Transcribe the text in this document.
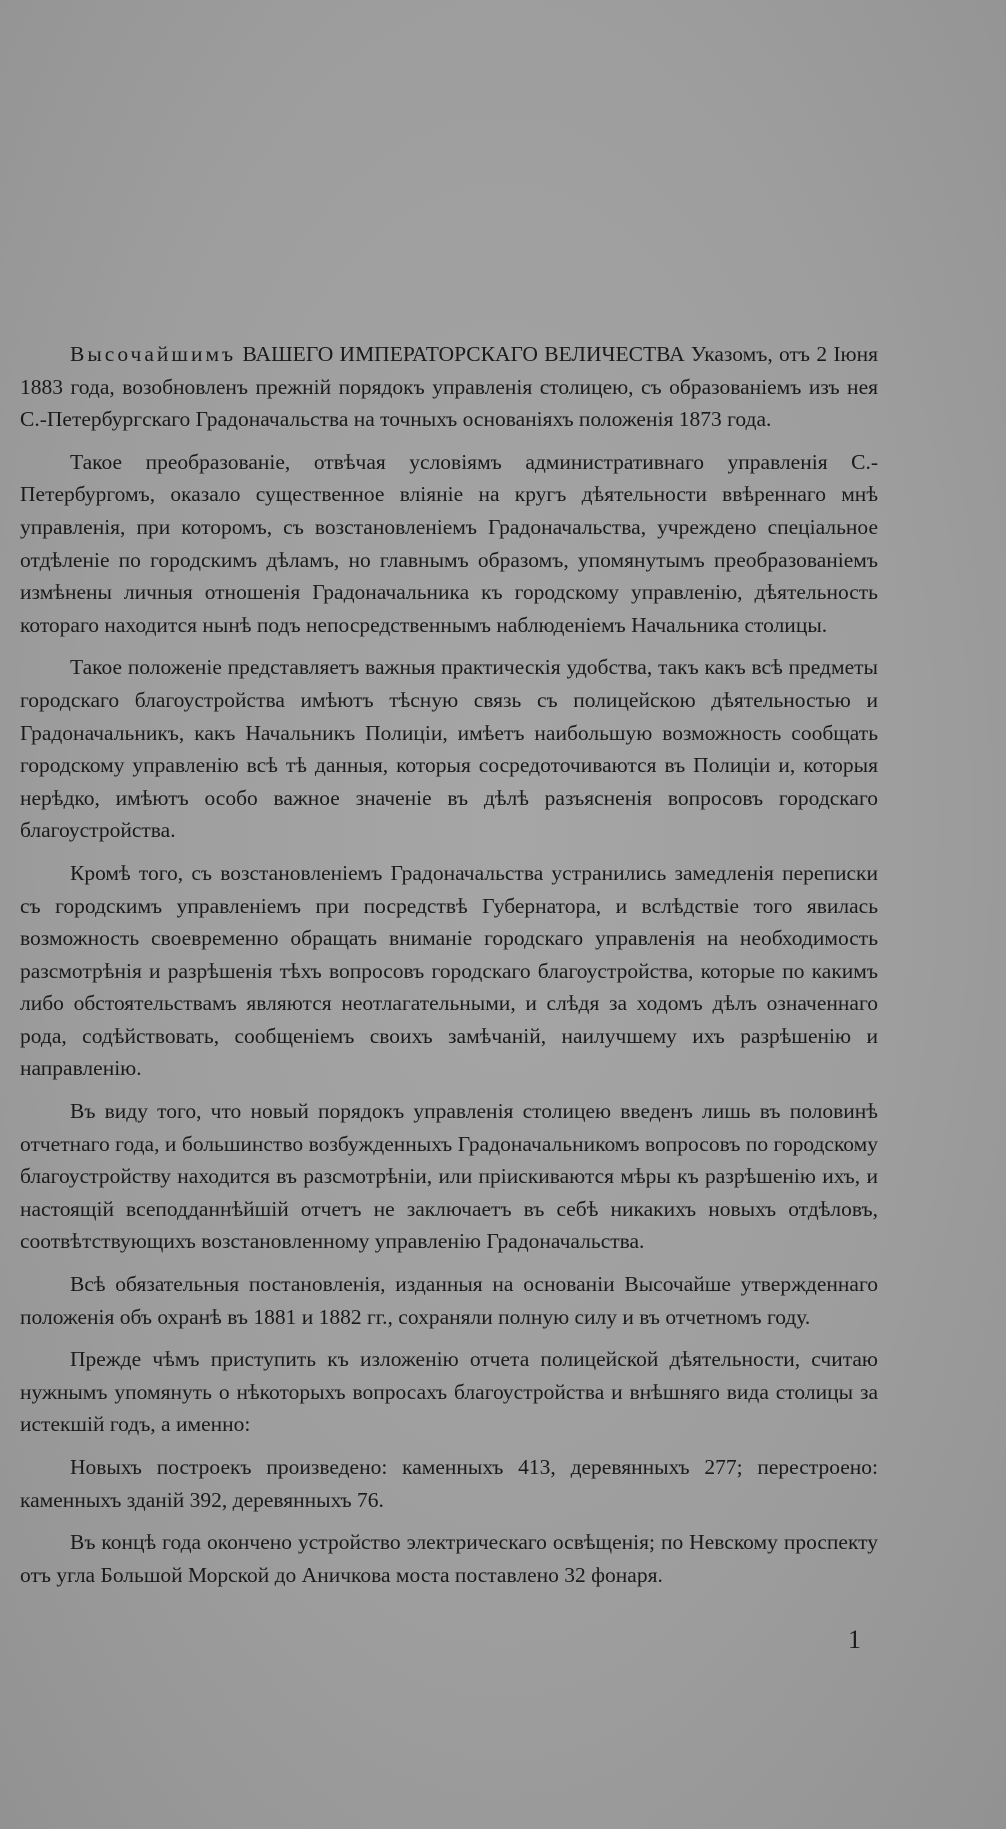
Высочайшимъ ВАШЕГО ИМПЕРАТОРСКАГО ВЕЛИЧЕСТВА Указомъ, отъ 2 Іюня 1883 года, возобновленъ прежній порядокъ управленія столицею, съ образованіемъ изъ нея С.-Петербургскаго Градоначальства на точныхъ основаніяхъ положенія 1873 года.

Такое преобразованіе, отвѣчая условіямъ административнаго управленія С.-Петербургомъ, оказало существенное вліяніе на кругъ дѣятельности ввѣреннаго мнѣ управленія, при которомъ, съ возстановленіемъ Градоначальства, учреждено спеціальное отдѣленіе по городскимъ дѣламъ, но главнымъ образомъ, упомянутымъ преобразованіемъ измѣнены личныя отношенія Градоначальника къ городскому управленію, дѣятельность котораго находится нынѣ подъ непосредственнымъ наблюденіемъ Начальника столицы.

Такое положеніе представляетъ важныя практическія удобства, такъ какъ всѣ предметы городскаго благоустройства имѣютъ тѣсную связь съ полицейскою дѣятельностью и Градоначальникъ, какъ Начальникъ Полиціи, имѣетъ наибольшую возможность сообщать городскому управленію всѣ тѣ данныя, которыя сосредоточиваются въ Полиціи и, которыя нерѣдко, имѣютъ особо важное значеніе въ дѣлѣ разъясненія вопросовъ городскаго благоустройства.

Кромѣ того, съ возстановленіемъ Градоначальства устранились замедленія переписки съ городскимъ управленіемъ при посредствѣ Губернатора, и вслѣдствіе того явилась возможность своевременно обращать вниманіе городскаго управленія на необходимость разсмотрѣнія и разрѣшенія тѣхъ вопросовъ городскаго благоустройства, которые по какимъ либо обстоятельствамъ являются неотлагательными, и слѣдя за ходомъ дѣлъ означеннаго рода, содѣйствовать, сообщеніемъ своихъ замѣчаній, наилучшему ихъ разрѣшенію и направленію.

Въ виду того, что новый порядокъ управленія столицею введенъ лишь въ половинѣ отчетнаго года, и большинство возбужденныхъ Градоначальникомъ вопросовъ по городскому благоустройству находится въ разсмотрѣніи, или пріискиваются мѣры къ разрѣшенію ихъ, и настоящій всеподданнѣйшій отчетъ не заключаетъ въ себѣ никакихъ новыхъ отдѣловъ, соотвѣтствующихъ возстановленному управленію Градоначальства.

Всѣ обязательныя постановленія, изданныя на основаніи Высочайше утвержденнаго положенія объ охранѣ въ 1881 и 1882 гг., сохраняли полную силу и въ отчетномъ году.

Прежде чѣмъ приступить къ изложенію отчета полицейской дѣятельности, считаю нужнымъ упомянуть о нѣкоторыхъ вопросахъ благоустройства и внѣшняго вида столицы за истекшій годъ, а именно:

Новыхъ построекъ произведено: каменныхъ 413, деревянныхъ 277; перестроено: каменныхъ зданій 392, деревянныхъ 76.

Въ концѣ года окончено устройство электрическаго освѣщенія; по Невскому проспекту отъ угла Большой Морской до Аничкова моста поставлено 32 фонаря.

1
